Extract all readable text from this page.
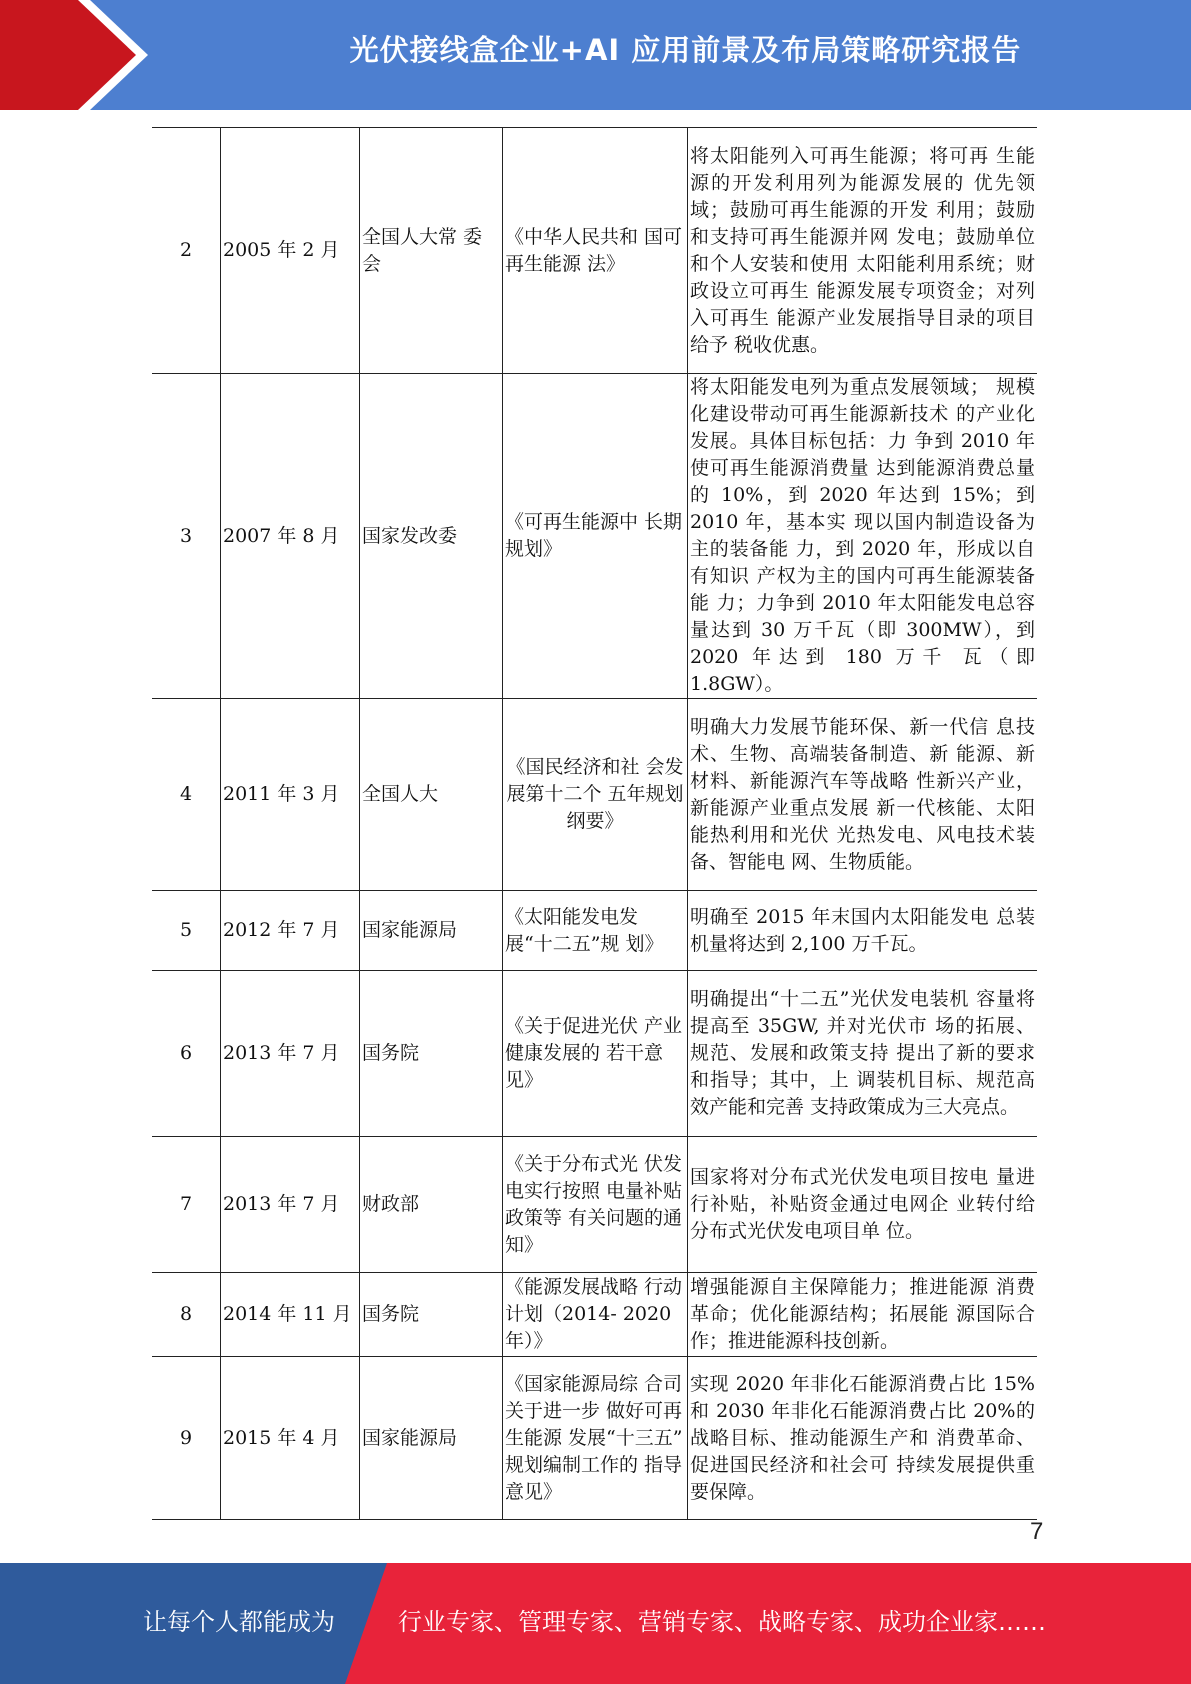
光伏接线盒企业+AI 应用前景及布局策略研究报告
2	2005 年 2 月	全国人大常 委会	《中华人民共和 国可再生能源 法》	将太阳能列入可再生能源；将可再 生能源的开发利用列为能源发展的 优先领域；鼓励可再生能源的开发 利用；鼓励和支持可再生能源并网 发电；鼓励单位和个人安装和使用 太阳能利用系统；财政设立可再生 能源发展专项资金；对列入可再生 能源产业发展指导目录的项目给予 税收优惠。
3	2007 年 8 月	国家发改委	《可再生能源中 长期规划》	将太阳能发电列为重点发展领域； 规模化建设带动可再生能源新技术 的产业化发展。具体目标包括：力 争到 2010 年使可再生能源消费量 达到能源消费总量的 10%，到 2020 年达到 15%；到 2010 年，基本实 现以国内制造设备为主的装备能 力，到 2020 年，形成以自有知识 产权为主的国内可再生能源装备能 力；力争到 2010 年太阳能发电总容量达到 30 万千瓦（即 300MW），到 2020 年达到 180 万千 瓦（即 1.8GW）。
4	2011 年 3 月	全国人大	《国民经济和社 会发展第十二个 五年规划纲要》	明确大力发展节能环保、新一代信 息技术、生物、高端装备制造、新 能源、新材料、新能源汽车等战略 性新兴产业，新能源产业重点发展 新一代核能、太阳能热利用和光伏 光热发电、风电技术装备、智能电 网、生物质能。
5	2012 年 7 月	国家能源局	《太阳能发电发 展“十二五”规 划》	明确至 2015 年末国内太阳能发电 总装机量将达到 2,100 万千瓦。
6	2013 年 7 月	国务院	《关于促进光伏 产业健康发展的 若干意见》	明确提出“十二五”光伏发电装机 容量将提高至 35GW, 并对光伏市 场的拓展、规范、发展和政策支持 提出了新的要求和指导；其中，上 调装机目标、规范高效产能和完善 支持政策成为三大亮点。
7	2013 年 7 月	财政部	《关于分布式光 伏发电实行按照 电量补贴政策等 有关问题的通 知》	国家将对分布式光伏发电项目按电 量进行补贴，补贴资金通过电网企 业转付给分布式光伏发电项目单 位。
8	2014 年 11 月	国务院	《能源发展战略 行动计划（2014- 2020 年）》	增强能源自主保障能力；推进能源 消费革命；优化能源结构；拓展能 源国际合作；推进能源科技创新。
9	2015 年 4 月	国家能源局	《国家能源局综 合司关于进一步 做好可再生能源 发展“十三五” 规划编制工作的 指导意见》	实现 2020 年非化石能源消费占比 15%和 2030 年非化石能源消费占比 20%的战略目标、推动能源生产和 消费革命、促进国民经济和社会可 持续发展提供重要保障。
7
让每个人都能成为	行业专家、管理专家、营销专家、战略专家、成功企业家……
